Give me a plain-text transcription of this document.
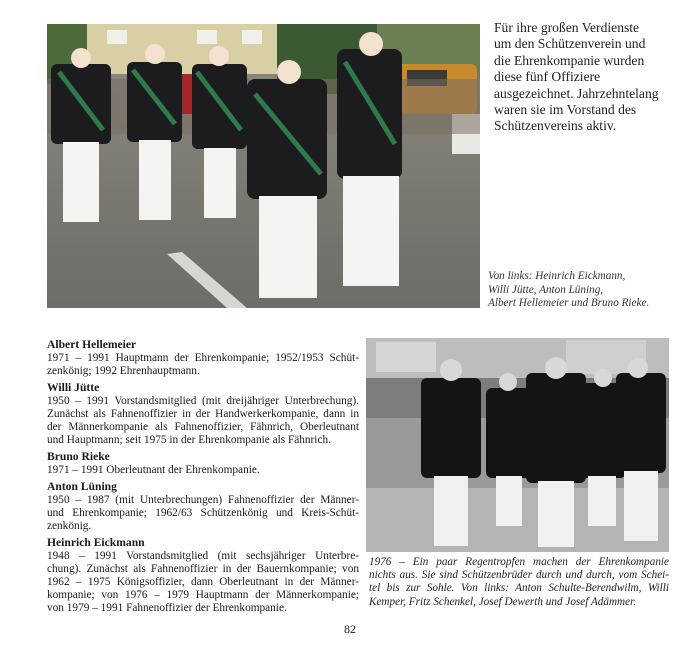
Für ihre großen Verdienste
um den Schützenverein und
die Ehrenkompanie wurden
diese fünf Offiziere
ausgezeichnet. Jahrzehntelang
waren sie im Vorstand des
Schützenvereins aktiv.
Von links: Heinrich Eickmann,
Willi Jütte, Anton Lüning,
Albert Hellemeier und Bruno Rieke.
Albert Hellemeier
1971 – 1991 Hauptmann der Ehrenkompanie; 1952/1953 Schüt-
zenkönig; 1992 Ehrenhauptmann.
Willi Jütte
1950 – 1991 Vorstandsmitglied (mit dreijähriger Unterbrechung).
Zunächst als Fahnenoffizier in der Handwerkerkompanie, dann in
der Männerkompanie als Fahnenoffizier, Fähnrich, Oberleutnant
und Hauptmann; seit 1975 in der Ehrenkompanie als Fähnrich.
Bruno Rieke
1971 – 1991 Oberleutnant der Ehrenkompanie.
Anton Lüning
1950 – 1987 (mit Unterbrechungen) Fahnenoffizier der Männer-
und Ehrenkompanie; 1962/63 Schützenkönig und Kreis-Schüt-
zenkönig.
Heinrich Eickmann
1948 – 1991 Vorstandsmitglied (mit sechsjähriger Unterbre-
chung). Zunächst als Fahnenoffizier in der Bauernkompanie; von
1962 – 1975 Königsoffizier, dann Oberleutnant in der Männer-
kompanie; von 1976 – 1979 Hauptmann der Männerkompanie;
von 1979 – 1991 Fahnenoffizier der Ehrenkompanie.
1976 – Ein paar Regentropfen machen der Ehrenkompanie
nichts aus. Sie sind Schützenbrüder durch und durch, vom Schei-
tel bis zur Sohle. Von links: Anton Schulte-Berendwilm, Willi
Kemper, Fritz Schenkel, Josef Dewerth und Josef Adämmer.
82
